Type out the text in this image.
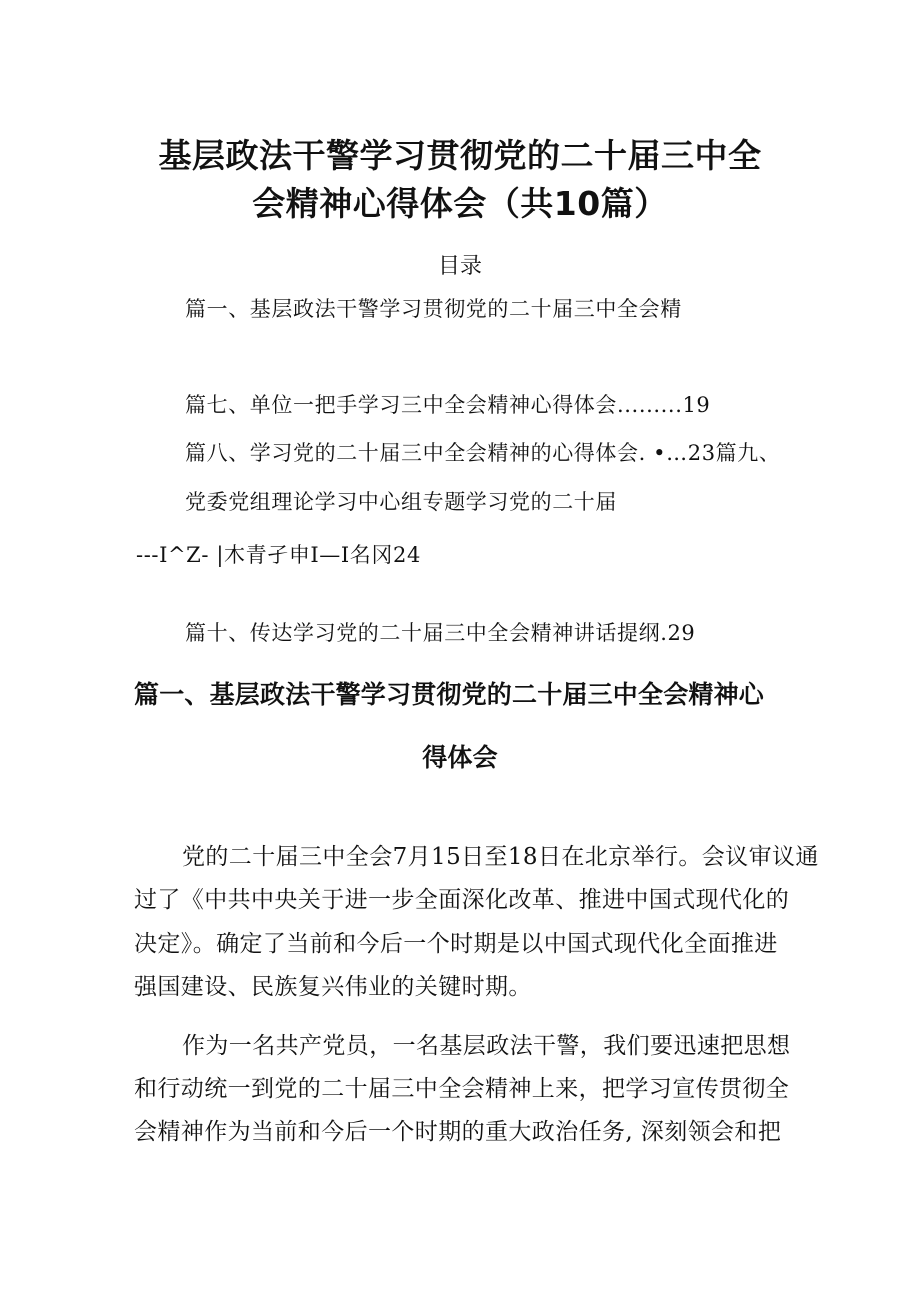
基层政法干警学习贯彻党的二十届三中全
会精神心得体会（共10篇）
目录
篇一、基层政法干警学习贯彻党的二十届三中全会精
篇七、单位一把手学习三中全会精神心得体会.........19
篇八、学习党的二十届三中全会精神的心得体会. •…23篇九、
党委党组理论学习中心组专题学习党的二十届
---I^Z- |木青孑申I—I名冈24
篇十、传达学习党的二十届三中全会精神讲话提纲.29
篇一、基层政法干警学习贯彻党的二十届三中全会精神心
得体会

党的二十届三中全会7月15日至18日在北京举行。会议审议通

过了《中共中央关于进一步全面深化改革、推进中国式现代化的

决定》。确定了当前和今后一个时期是以中国式现代化全面推进

强国建设、民族复兴伟业的关键时期。

作为一名共产党员，一名基层政法干警，我们要迅速把思想

和行动统一到党的二十届三中全会精神上来，把学习宣传贯彻全

会精神作为当前和今后一个时期的重大政治任务, 深刻领会和把
